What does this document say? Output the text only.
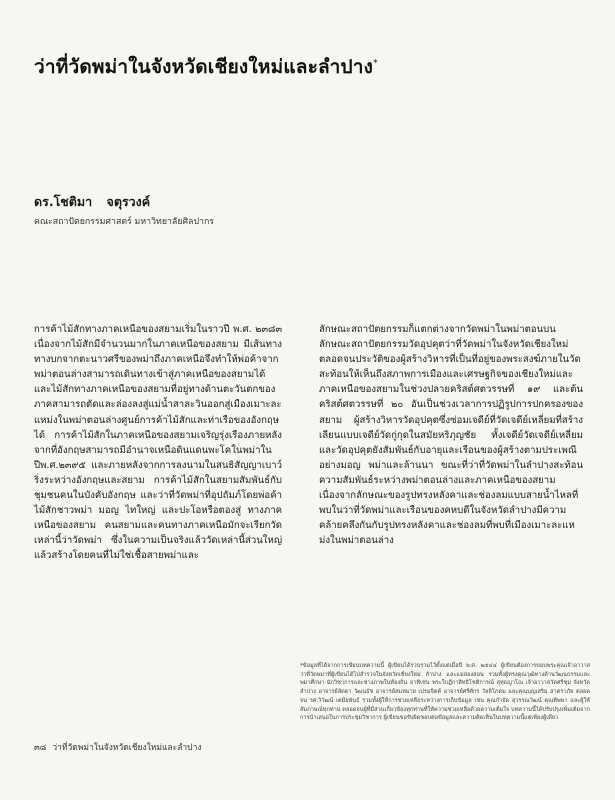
ว่าที่วัดพม่าในจังหวัดเชียงใหม่และลำปาง*
ดร.โชติมา จตุรวงค์
คณะสถาปัตยกรรมศาสตร์ มหาวิทยาลัยศิลปากร

การค้าไม้สักทางภาคเหนือของสยามเริ่มในราวปี พ.ศ. ๒๓๘๓ เนื่องจากไม้สักมีจำนวนมากในภาคเหนือของสยาม มีเส้นทางทางบกจากตะนาวศรีของพม่าถึงภาคเหนือจึงทำให้พ่อค้าจากพม่าตอนล่างสามารถเดินทางเข้าสู่ภาคเหนือของสยามได้ และไม้สักทางภาคเหนือของสยามที่อยู่ทางด้านตะวันตกของภาคสามารถตัดและล่องลงสู่แม่น้ำสาละวินออกสู่เมืองเมาะละแหม่งในพม่าตอนล่างศูนย์การค้าไม้สักและท่าเรือของอังกฤษได้ การค้าไม้สักในภาคเหนือของสยามเจริญรุ่งเรืองภายหลังจากที่อังกฤษสามารถมีอำนาจเหนือดินแดนพะโคในพม่าในปีพ.ศ.๒๓๙๕ และภายหลังจากการลงนามในสนธิสัญญาเบาว์ริ่งระหว่างอังกฤษและสยาม การค้าไม้สักในสยามสัมพันธ์กับชุมชนคนในบังคับอังกฤษ และว่าที่วัดพม่าที่อุปถัมภ์โดยพ่อค้าไม้สักชาวพม่า มอญ ไทใหญ่ และปะโอหรือตองสู่ ทางภาคเหนือของสยาม คนสยามและคนทางภาคเหนือมักจะเรียกวัดเหล่านี้ว่าวัดพม่า ซึ่งในความเป็นจริงแล้ววัดเหล่านี้ส่วนใหญ่แล้วสร้างโดยคนที่ไม่ใช่เชื้อสายพม่าและ

ลักษณะสถาปัตยกรรมก็แตกต่างจากวัดพม่าในพม่าตอนบน ลักษณะสถาปัตยกรรมวัดอุปคุตว่าที่วัดพม่าในจังหวัดเชียงใหม่ตลอดจนประวัติของผู้สร้างวิหารที่เป็นที่อยู่ของพระสงฆ์ภายในวัดสะท้อนให้เห็นถึงสภาพการเมืองและเศรษฐกิจของเชียงใหม่และภาคเหนือของสยามในช่วงปลายคริสต์ศตวรรษที่ ๑๙ และต้นคริสต์ศตวรรษที่ ๒๐ อันเป็นช่วงเวลาการปฏิรูปการปกครองของสยาม ผู้สร้างวิหารวัดอุปคุตซึ่งซ่อมเจดีย์ที่วัดเจดีย์เหลี่ยมที่สร้างเลียนแบบเจดีย์วัดกู่กุดในสมัยหริภุญชัย ทั้งเจดีย์วัดเจดีย์เหลี่ยมและวัดอุปคุตยังสัมพันธ์กับอายุและเรือนของผู้สร้างตามประเพณีอย่างมอญ พม่าและล้านนา ขณะที่ว่าที่วัดพม่าในลำปางสะท้อนความสัมพันธ์ระหว่างพม่าตอนล่างและภาคเหนือของสยามเนื่องจากลักษณะของรูปทรงหลังคาและช่องลมแบบสายน้ำไหลที่พบในว่าที่วัดพม่าและเรือนของคหบดีในจังหวัดลำปางมีความคล้ายคลึงกันกับรูปทรงหลังคาและช่องลมที่พบที่เมืองเมาะละแหม่งในพม่าตอนล่าง

*ข้อมูลที่ได้จากการเขียนบทความนี้ ผู้เขียนได้รวบรวมไว้ตั้งแต่เมื่อปี พ.ศ. ๒๕๔๔ ผู้เขียนต้องการขอบพระคุณเจ้าอาวาสว่าที่วัดพม่าที่ผู้เขียนได้ไปสำรวจในจังหวัดเชียงใหม่ ลำปาง และแม่ฮ่องสอน รวมทั้งผู้ทรงคุณวุฒิทางด้านวัฒนธรรมและพม่าศึกษา นักวิชาการและช่างภาพในท้องถิ่น อาทิเช่น พระใบฎีกาสิทธิโชติการณ์ สุทฺธญาโณ เจ้าอาวาสวัดศรีชุม จังหวัดลำปาง อาจารย์ลัดดา วัฒนธัช อาจารย์สมหมาย เปรมจิตต์ อาจารย์ศรีศักร วัลลิโภดม และคุณบุญเสริม สาตราภัย ตลอดจน รศ.วิวัฒน์ เตมียพันธ์ รวมทั้งผู้ให้การช่วยเหลือระหว่างการเก็บข้อมูล เช่น คุณกำจัด สุวรรณวัฒน์ คุณทิพพา และผู้ให้สัมภาษณ์ทุกท่าน ตลอดจนผู้ที่มีส่วนเกี่ยวข้องทุกท่านที่ให้ความช่วยเหลือด้วยความเต็มใจ บทความนี้ได้ปรับปรุงเพิ่มเติมจากการนำเสนอในการประชุมวิชาการ ผู้เขียนขอรับผิดชอบต่อข้อมูลและความคิดเห็นในบทความนี้แต่เพียงผู้เดียว
๓๘ ว่าที่วัดพม่าในจังหวัดเชียงใหม่และลำปาง
